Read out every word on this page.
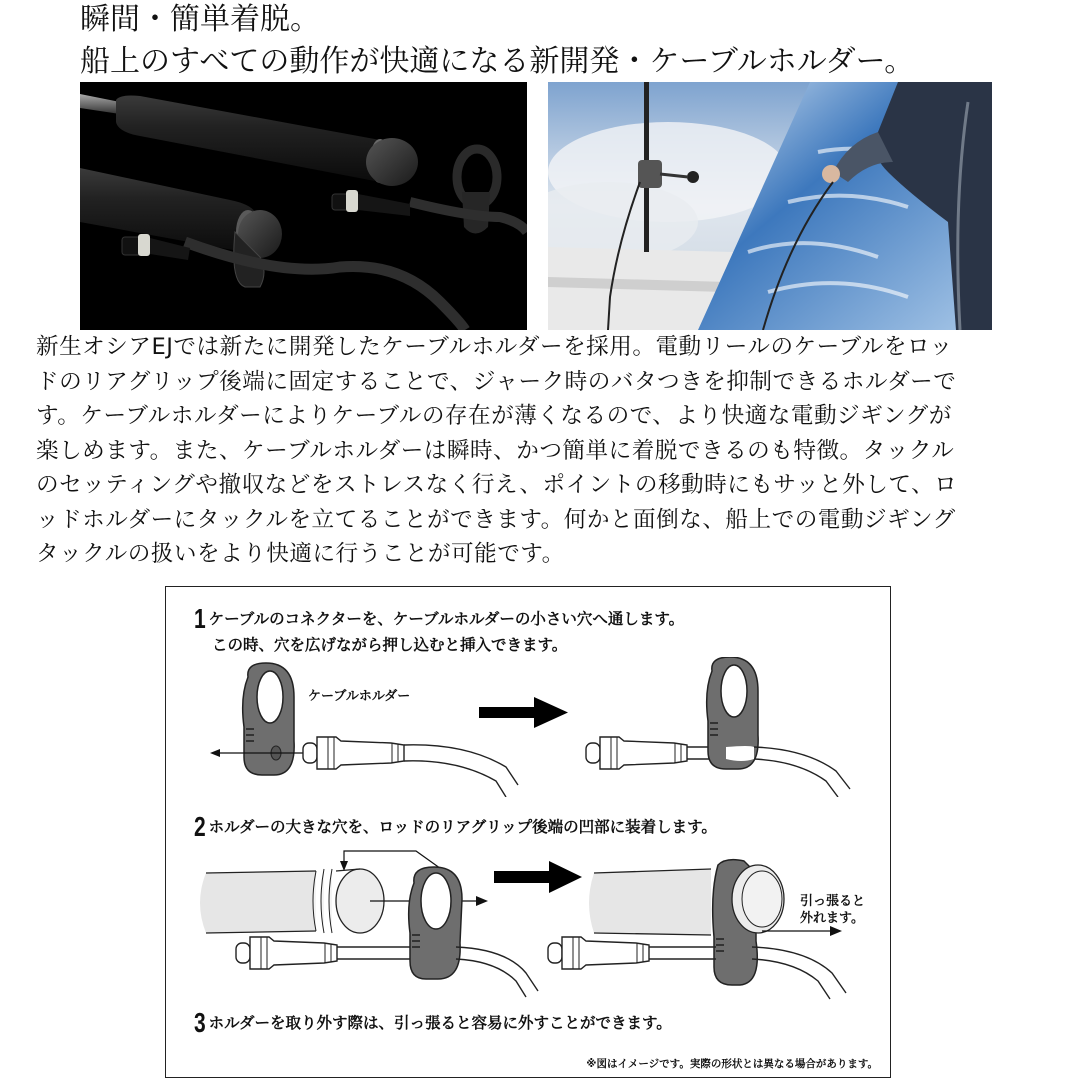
瞬間・簡単着脱。
船上のすべての動作が快適になる新開発・ケーブルホルダー。
新生オシアEJでは新たに開発したケーブルホルダーを採用。電動リールのケーブルをロッ
ドのリアグリップ後端に固定することで、ジャーク時のバタつきを抑制できるホルダーで
す。ケーブルホルダーによりケーブルの存在が薄くなるので、より快適な電動ジギングが
楽しめます。また、ケーブルホルダーは瞬時、かつ簡単に着脱できるのも特徴。タックル
のセッティングや撤収などをストレスなく行え、ポイントの移動時にもサッと外して、ロ
ッドホルダーにタックルを立てることができます。何かと面倒な、船上での電動ジギング
タックルの扱いをより快適に行うことが可能です。
1 ケーブルのコネクターを、ケーブルホルダーの小さい穴へ通します。
この時、穴を広げながら押し込むと挿入できます。
ケーブルホルダー
2 ホルダーの大きな穴を、ロッドのリアグリップ後端の凹部に装着します。
引っ張ると
外れます。
3 ホルダーを取り外す際は、引っ張ると容易に外すことができます。
※図はイメージです。実際の形状とは異なる場合があります。
